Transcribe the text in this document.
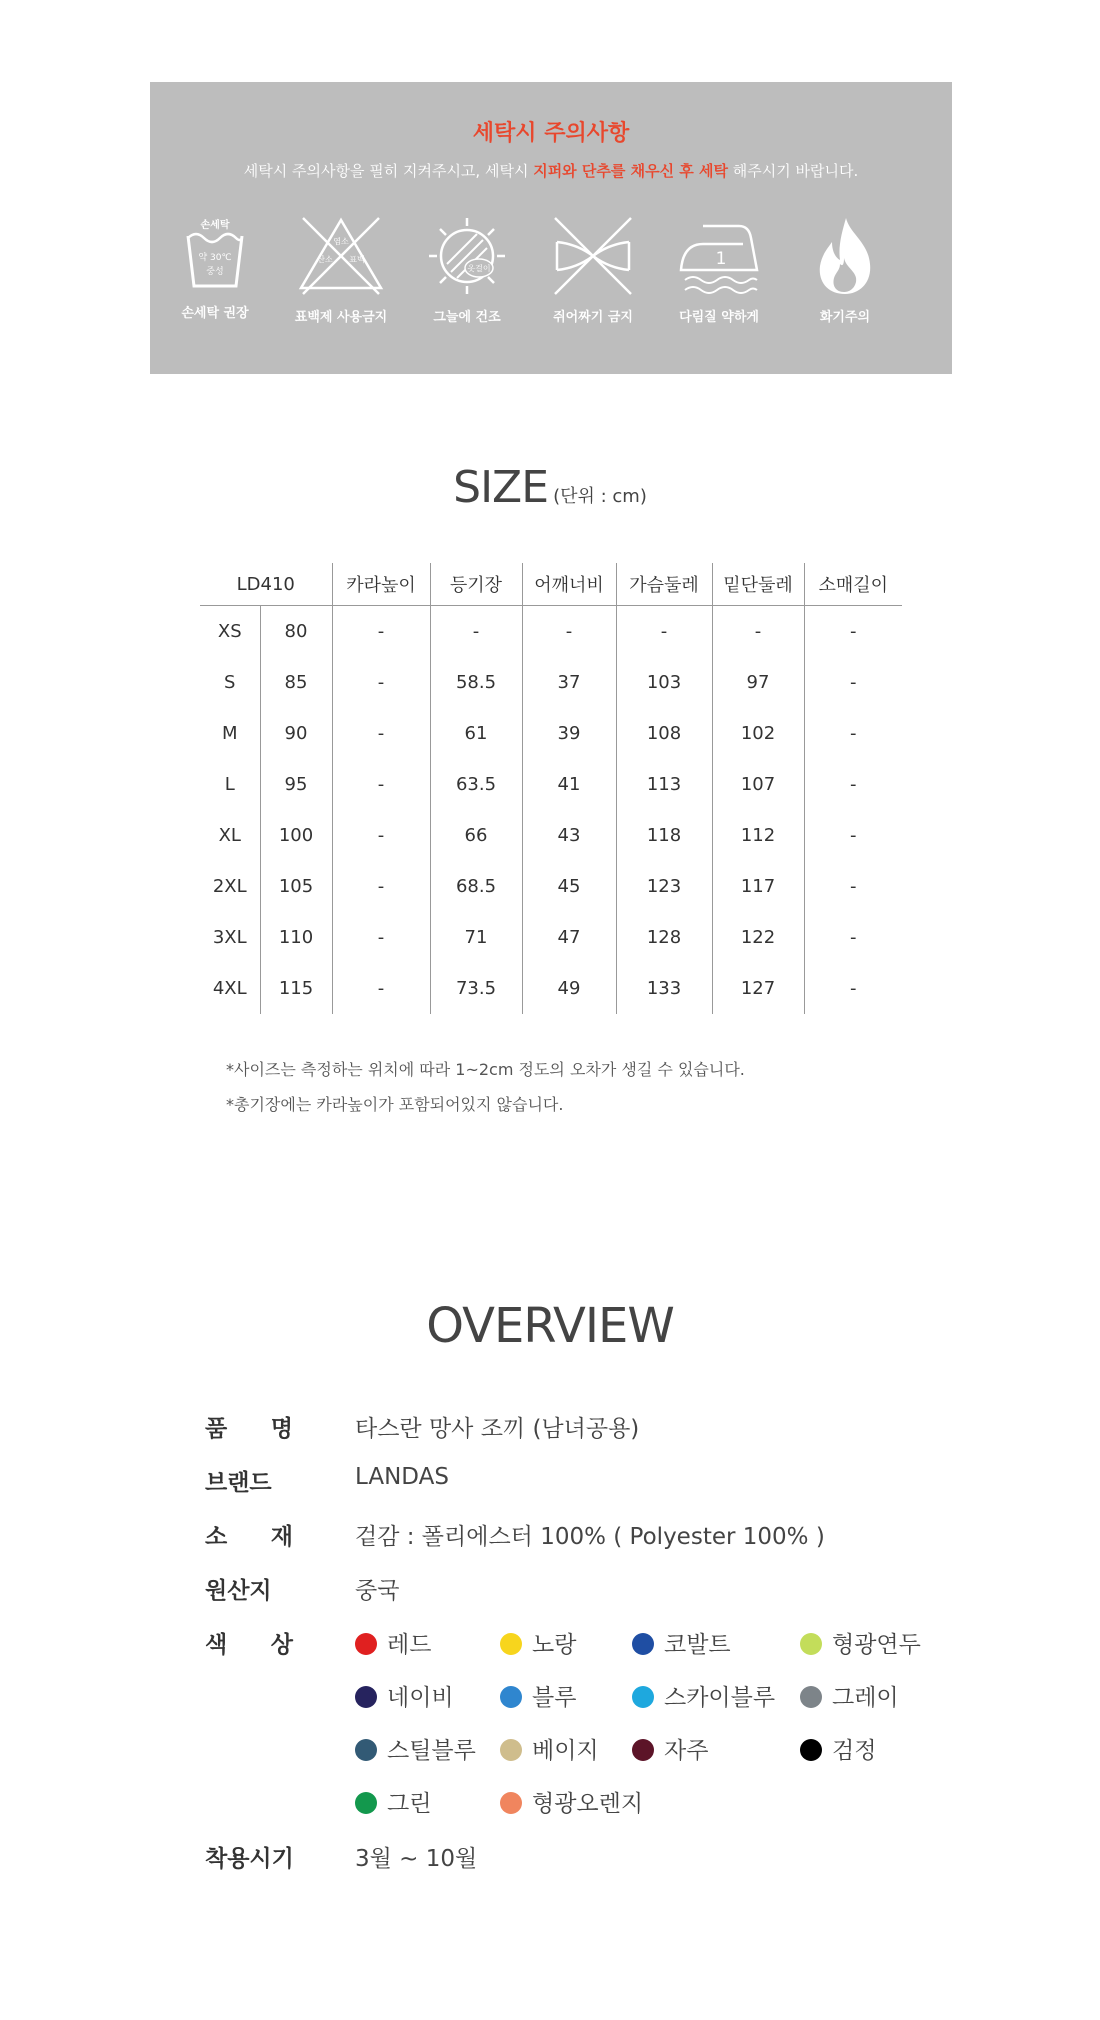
세탁시 주의사항
세탁시 주의사항을 필히 지켜주시고, 세탁시 지퍼와 단추를 채우신 후 세탁 해주시기 바랍니다.
손세탁
약 30℃
중성
손세탁 권장
염소
산소 표백
표백제 사용금지
옷걸이
그늘에 건조	쥐어짜기 금지
1
다림질 약하게	화기주의
SIZE (단위 : cm)
LD410		카라높이	등기장	어깨너비	가슴둘레	밑단둘레	소매길이
XS	80	-	-	-	-	-	-
S	85	-	58.5	37	103	97	-
M	90	-	61	39	108	102	-
L	95	-	63.5	41	113	107	-
XL	100	-	66	43	118	112	-
2XL	105	-	68.5	45	123	117	-
3XL	110	-	71	47	128	122	-
4XL	115	-	73.5	49	133	127	-
*사이즈는 측정하는 위치에 따라 1~2cm 정도의 오차가 생길 수 있습니다.
*총기장에는 카라높이가 포함되어있지 않습니다.
OVERVIEW
품 명	타스란 망사 조끼 (남녀공용)
브랜드	LANDAS
소 재	겉감 : 폴리에스터 100% ( Polyester 100% )
원산지	중국
색 상	레드	노랑	코발트	형광연두
네이비	블루	스카이블루	그레이
스틸블루	베이지	자주	검정
그린	형광오렌지
착용시기	3월 ~ 10월
